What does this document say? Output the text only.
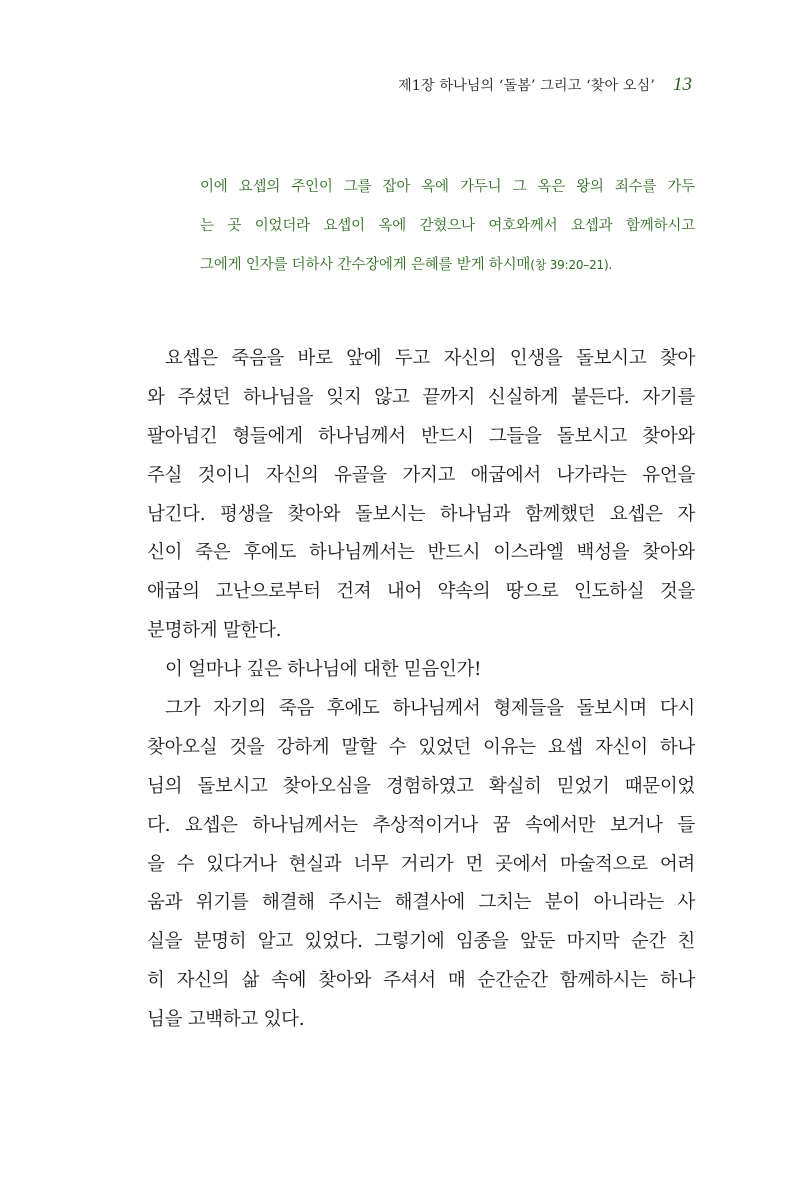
제1장 하나님의 ‘돌봄’ 그리고 ‘찾아 오심’ 13
이에 요셉의 주인이 그를 잡아 옥에 가두니 그 옥은 왕의 죄수를 가두
는 곳 이었더라 요셉이 옥에 갇혔으나 여호와께서 요셉과 함께하시고
그에게 인자를 더하사 간수장에게 은혜를 받게 하시매(창 39:20–21).
요셉은 죽음을 바로 앞에 두고 자신의 인생을 돌보시고 찾아
와 주셨던 하나님을 잊지 않고 끝까지 신실하게 붙든다. 자기를
팔아넘긴 형들에게 하나님께서 반드시 그들을 돌보시고 찾아와
주실 것이니 자신의 유골을 가지고 애굽에서 나가라는 유언을
남긴다. 평생을 찾아와 돌보시는 하나님과 함께했던 요셉은 자
신이 죽은 후에도 하나님께서는 반드시 이스라엘 백성을 찾아와
애굽의 고난으로부터 건져 내어 약속의 땅으로 인도하실 것을
분명하게 말한다.
이 얼마나 깊은 하나님에 대한 믿음인가!
그가 자기의 죽음 후에도 하나님께서 형제들을 돌보시며 다시
찾아오실 것을 강하게 말할 수 있었던 이유는 요셉 자신이 하나
님의 돌보시고 찾아오심을 경험하였고 확실히 믿었기 때문이었
다. 요셉은 하나님께서는 추상적이거나 꿈 속에서만 보거나 들
을 수 있다거나 현실과 너무 거리가 먼 곳에서 마술적으로 어려
움과 위기를 해결해 주시는 해결사에 그치는 분이 아니라는 사
실을 분명히 알고 있었다. 그렇기에 임종을 앞둔 마지막 순간 친
히 자신의 삶 속에 찾아와 주셔서 매 순간순간 함께하시는 하나
님을 고백하고 있다.
